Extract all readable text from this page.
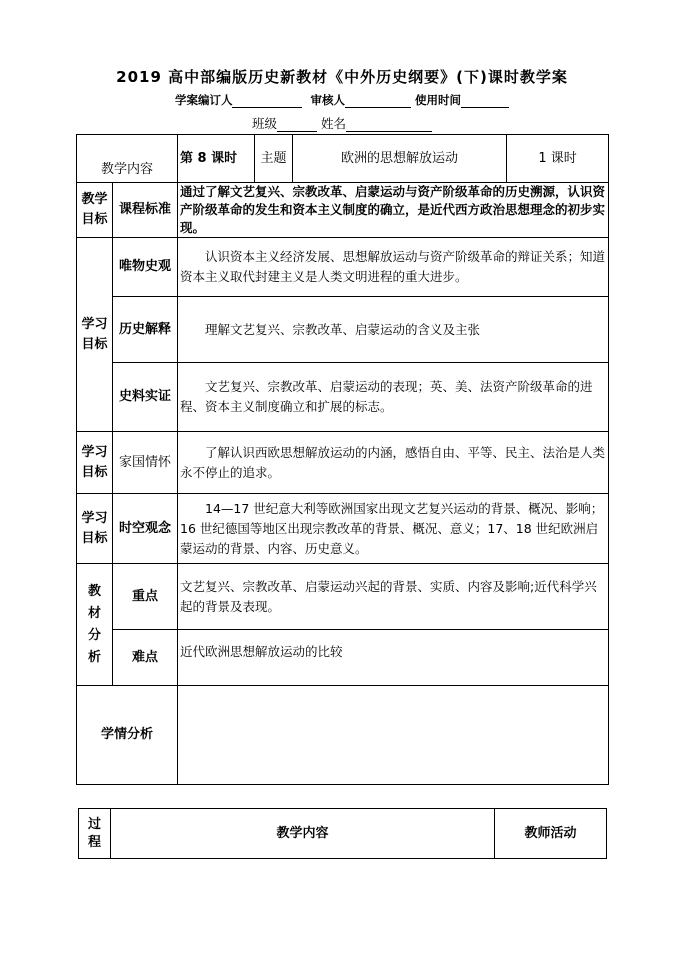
2019 高中部编版历史新教材《中外历史纲要》(下)课时教学案
学案编订人	审核人	使用时间
班级	姓名
教学内容		第 8 课时	主题	欧洲的思想解放运动	1 课时
教学目标	课程标准	通过了解文艺复兴、宗教改革、启蒙运动与资产阶级革命的历史溯源，认识资产阶级革命的发生和资本主义制度的确立，是近代西方政治思想理念的初步实现。			
学习目标	唯物史观	认识资本主义经济发展、思想解放运动与资产阶级革命的辩证关系；知道资本主义取代封建主义是人类文明进程的重大进步。			
	历史解释	理解文艺复兴、宗教改革、启蒙运动的含义及主张			
	史料实证	文艺复兴、宗教改革、启蒙运动的表现；英、美、法资产阶级革命的进程、资本主义制度确立和扩展的标志。			
学习目标	家国情怀	了解认识西欧思想解放运动的内涵，感悟自由、平等、民主、法治是人类永不停止的追求。			
学习目标	时空观念	14—17 世纪意大利等欧洲国家出现文艺复兴运动的背景、概况、影响；16 世纪德国等地区出现宗教改革的背景、概况、意义；17、18 世纪欧洲启蒙运动的背景、内容、历史意义。			
教材分析	重点	文艺复兴、宗教改革、启蒙运动兴起的背景、实质、内容及影响;近代科学兴起的背景及表现。			
	难点	近代欧洲思想解放运动的比较			
学情分析					
过程	教学内容	教师活动
